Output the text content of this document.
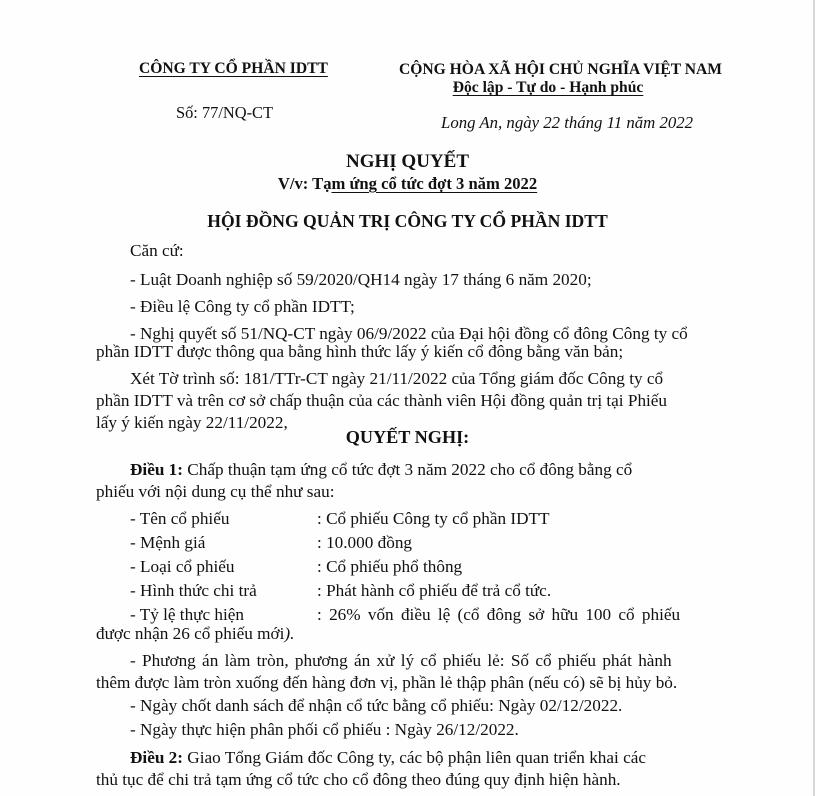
CÔNG TY CỔ PHẦN IDTT
Số: 77/NQ-CT
CỘNG HÒA XÃ HỘI CHỦ NGHĨA VIỆT NAM
Độc lập - Tự do - Hạnh phúc
Long An, ngày 22 tháng 11 năm 2022
NGHỊ QUYẾT
V/v: Tạm ứng cổ tức đợt 3 năm 2022
HỘI ĐỒNG QUẢN TRỊ CÔNG TY CỔ PHẦN IDTT
Căn cứ:
- Luật Doanh nghiệp số 59/2020/QH14 ngày 17 tháng 6 năm 2020;
- Điều lệ Công ty cổ phần IDTT;
- Nghị quyết số 51/NQ-CT ngày 06/9/2022 của Đại hội đồng cổ đông Công ty cổ
phần IDTT được thông qua bằng hình thức lấy ý kiến cổ đông bằng văn bản;
Xét Tờ trình số: 181/TTr-CT ngày 21/11/2022 của Tổng giám đốc Công ty cổ
phần IDTT và trên cơ sở chấp thuận của các thành viên Hội đồng quản trị tại Phiếu
lấy ý kiến ngày 22/11/2022,
QUYẾT NGHỊ:
Điều 1: Chấp thuận tạm ứng cổ tức đợt 3 năm 2022 cho cổ đông bằng cổ
phiếu với nội dung cụ thể như sau:
- Tên cổ phiếu	: Cổ phiếu Công ty cổ phần IDTT
- Mệnh giá	: 10.000 đồng
- Loại cổ phiếu	: Cổ phiếu phổ thông
- Hình thức chi trả	: Phát hành cổ phiếu để trả cổ tức.
- Tỷ lệ thực hiện	: 26% vốn điều lệ (cổ đông sở hữu 100 cổ phiếu
được nhận 26 cổ phiếu mới).
- Phương án làm tròn, phương án xử lý cổ phiếu lẻ: Số cổ phiếu phát hành
thêm được làm tròn xuống đến hàng đơn vị, phần lẻ thập phân (nếu có) sẽ bị hủy bỏ.
- Ngày chốt danh sách để nhận cổ tức bằng cổ phiếu: Ngày 02/12/2022.
- Ngày thực hiện phân phối cổ phiếu : Ngày 26/12/2022.
Điều 2: Giao Tổng Giám đốc Công ty, các bộ phận liên quan triển khai các
thủ tục để chi trả tạm ứng cổ tức cho cổ đông theo đúng quy định hiện hành.
